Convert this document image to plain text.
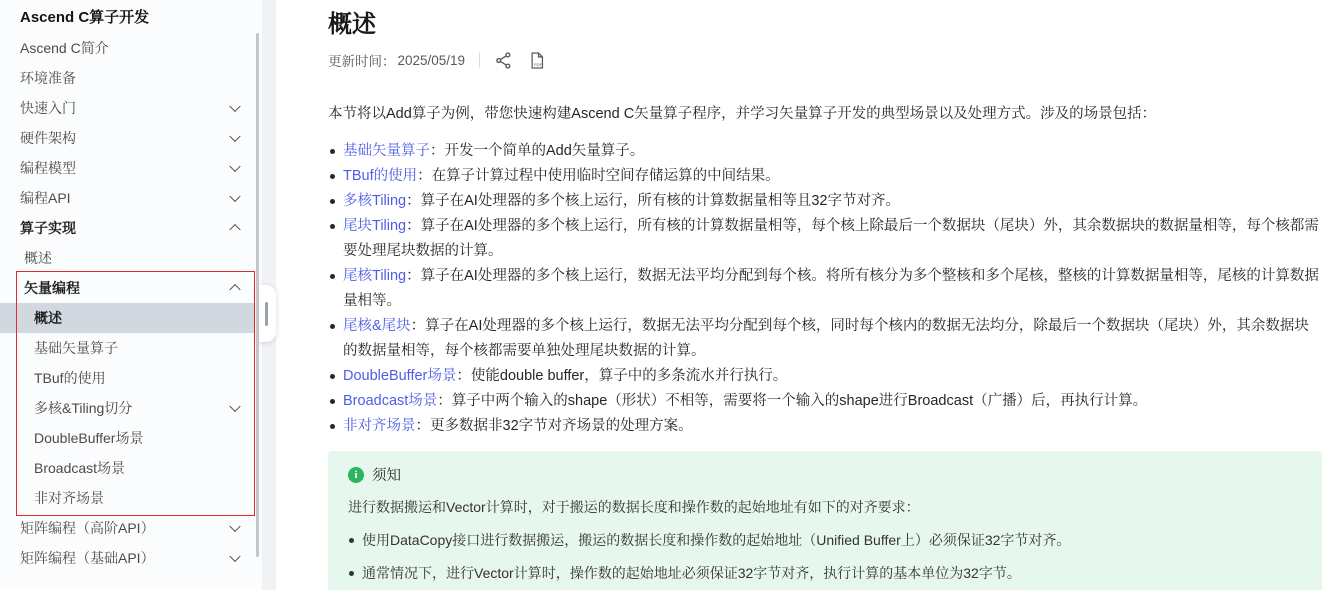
Ascend C算子开发
Ascend C简介
环境准备
快速入门
硬件架构
编程模型
编程API
算子实现
概述
矢量编程
概述
基础矢量算子
TBuf的使用
多核&Tiling切分
DoubleBuffer场景
Broadcast场景
非对齐场景
矩阵编程（高阶API）
矩阵编程（基础API）
概述
更新时间： 2025/05/19	PDF

本节将以Add算子为例，带您快速构建Ascend C矢量算子程序，并学习矢量算子开发的典型场景以及处理方式。涉及的场景包括：

基础矢量算子：开发一个简单的Add矢量算子。
TBuf的使用：在算子计算过程中使用临时空间存储运算的中间结果。
多核Tiling：算子在AI处理器的多个核上运行，所有核的计算数据量相等且32字节对齐。
尾块Tiling：算子在AI处理器的多个核上运行，所有核的计算数据量相等，每个核上除最后一个数据块（尾块）外，其余数据块的数据量相等，每个核都需要处理尾块数据的计算。
尾核Tiling：算子在AI处理器的多个核上运行，数据无法平均分配到每个核。将所有核分为多个整核和多个尾核，整核的计算数据量相等，尾核的计算数据量相等。
尾核&尾块：算子在AI处理器的多个核上运行，数据无法平均分配到每个核，同时每个核内的数据无法均分，除最后一个数据块（尾块）外，其余数据块的数据量相等，每个核都需要单独处理尾块数据的计算。
DoubleBuffer场景：使能double buffer，算子中的多条流水并行执行。
Broadcast场景：算子中两个输入的shape（形状）不相等，需要将一个输入的shape进行Broadcast（广播）后，再执行计算。
非对齐场景：更多数据非32字节对齐场景的处理方案。
i 须知
进行数据搬运和Vector计算时，对于搬运的数据长度和操作数的起始地址有如下的对齐要求：
使用DataCopy接口进行数据搬运，搬运的数据长度和操作数的起始地址（Unified Buffer上）必须保证32字节对齐。
通常情况下，进行Vector计算时，操作数的起始地址必须保证32字节对齐，执行计算的基本单位为32字节。
